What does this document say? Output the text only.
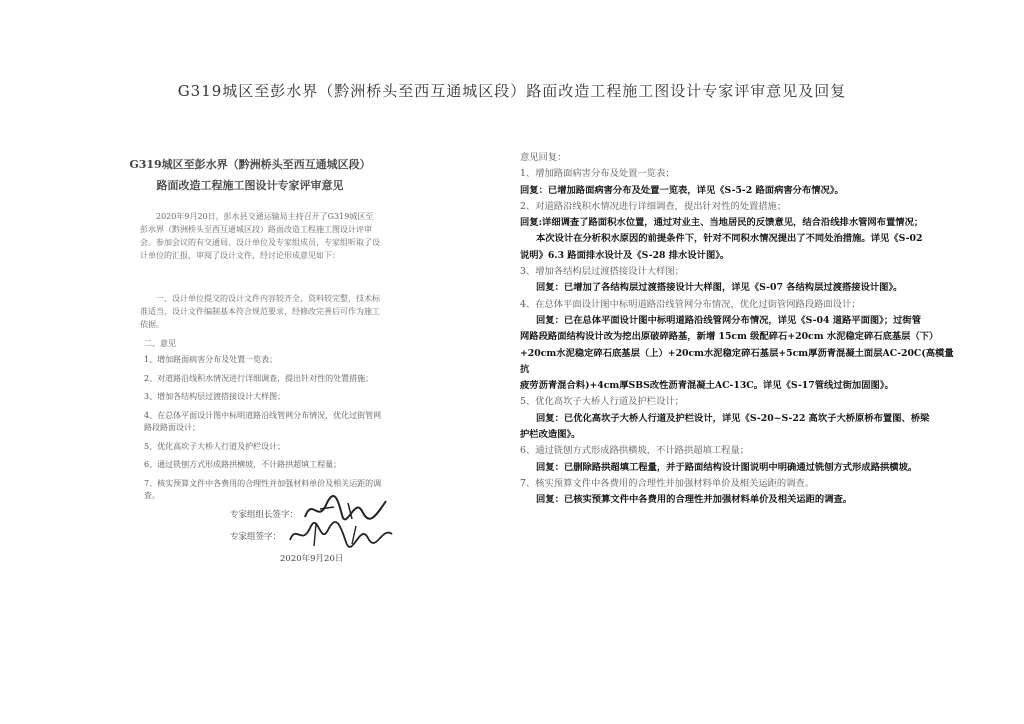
G319城区至彭水界（黔洲桥头至西互通城区段）路面改造工程施工图设计专家评审意见及回复
G319城区至彭水界（黔洲桥头至西互通城区段）
路面改造工程施工图设计专家评审意见
2020年9月20日，彭水县交通运输局主持召开了G319城区至彭水界（黔洲桥头至西互通城区段）路面改造工程施工图设计评审会。参加会议的有交通局、设计单位及专家组成员，专家组听取了设计单位的汇报，审阅了设计文件，经讨论形成意见如下：
一、设计单位提交的设计文件内容较齐全，资料较完整，技术标准适当，设计文件编制基本符合规范要求，经修改完善后可作为施工依据。
二、意见
1、增加路面病害分布及处置一览表；
2、对道路沿线积水情况进行详细调查，提出针对性的处置措施；
3、增加各结构层过渡搭接设计大样图；
4、在总体平面设计图中标明道路沿线管网分布情况，优化过街管网路段路面设计；
5、优化高坎子大桥人行道及护栏设计；
6、通过铣刨方式形成路拱横坡，不计路拱超填工程量；
7、核实预算文件中各费用的合理性并加强材料单价及相关运距的调查。
专家组组长签字：
专家组签字：
2020年9月20日

意见回复：

1、增加路面病害分布及处置一览表；

回复：已增加路面病害分布及处置一览表，详见《S-5-2 路面病害分布情况》。

2、对道路沿线积水情况进行详细调查，提出针对性的处置措施；

回复:详细调查了路面积水位置，通过对业主、当地居民的反馈意见，结合沿线排水管网布置情况；

本次设计在分析积水原因的前提条件下，针对不同积水情况提出了不同处治措施。详见《S-02

说明》6.3 路面排水设计及《S-28 排水设计图》。

3、增加各结构层过渡搭接设计大样图；

回复：已增加了各结构层过渡搭接设计大样图，详见《S-07 各结构层过渡搭接设计图》。

4、在总体平面设计图中标明道路沿线管网分布情况，优化过街管网路段路面设计；

回复：已在总体平面设计图中标明道路沿线管网分布情况，详见《S-04 道路平面图》；过街管

网路段路面结构设计改为挖出原破碎路基，新增 15cm 级配碎石+20cm 水泥稳定碎石底基层（下）

+20cm水泥稳定碎石底基层（上）+20cm水泥稳定碎石基层+5cm厚沥青混凝土面层AC-20C(高模量抗

疲劳沥青混合料)+4cm厚SBS改性沥青混凝土AC-13C。详见《S-17管线过街加固图》。

5、优化高坎子大桥人行道及护栏设计；

回复：已优化高坎子大桥人行道及护栏设计，详见《S-20~S-22 高坎子大桥原桥布置图、桥梁

护栏改造图》。

6、通过铣刨方式形成路拱横坡，不计路拱超填工程量；

回复：已删除路拱超填工程量，并于路面结构设计图说明中明确通过铣刨方式形成路拱横坡。

7、核实预算文件中各费用的合理性并加强材料单价及相关运距的调查。

回复：已核实预算文件中各费用的合理性并加强材料单价及相关运距的调查。
